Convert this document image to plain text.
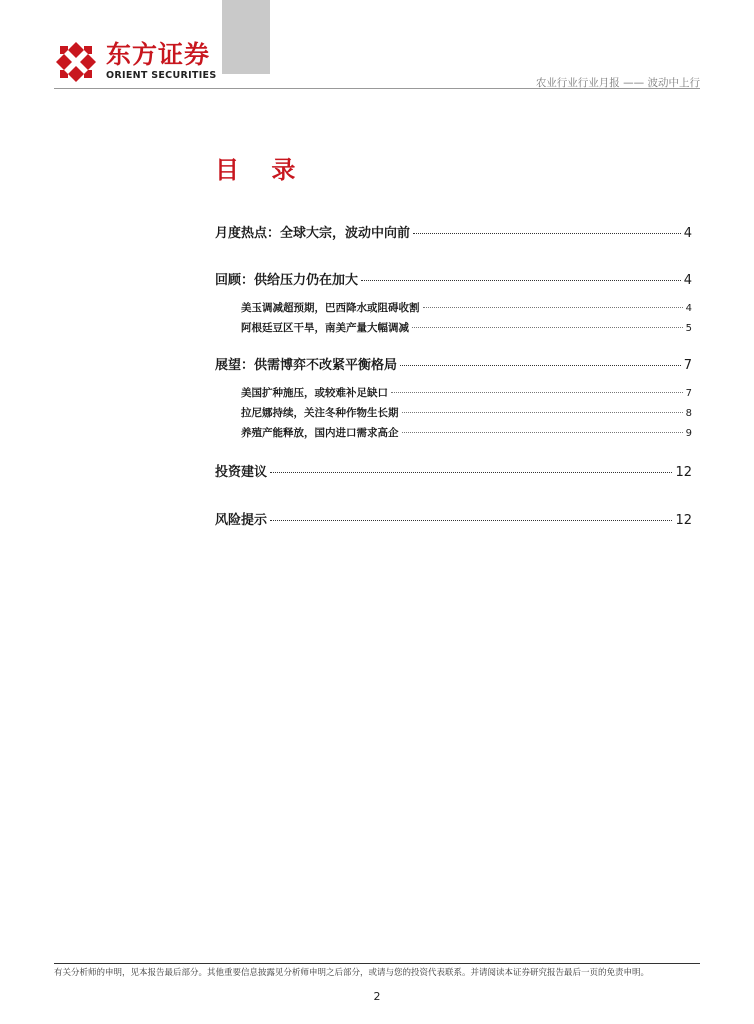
东方证券
ORIENT SECURITIES
农业行业行业月报 —— 波动中上行
目 录
月度热点：全球大宗，波动中向前	4
回顾：供给压力仍在加大	4
美玉调减超预期，巴西降水或阻碍收割	4
阿根廷豆区干旱，南美产量大幅调减	5
展望：供需博弈不改紧平衡格局	7
美国扩种施压，或较难补足缺口	7
拉尼娜持续，关注冬种作物生长期	8
养殖产能释放，国内进口需求高企	9
投资建议	12
风险提示	12
有关分析师的申明，见本报告最后部分。其他重要信息披露见分析师申明之后部分，或请与您的投资代表联系。并请阅读本证券研究报告最后一页的免责申明。
2
